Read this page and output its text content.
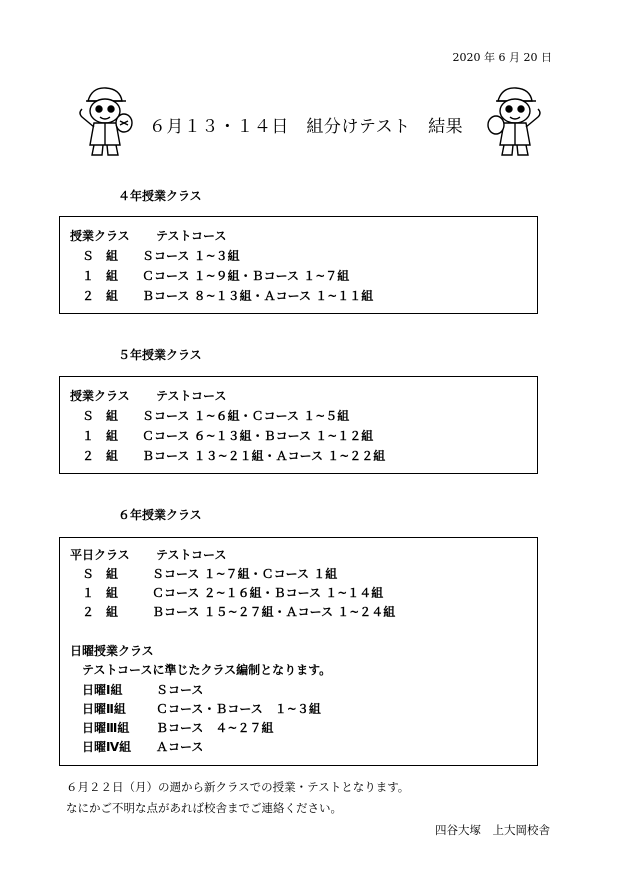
2020 年 6 月 20 日
６月１３・１４日　組分けテスト　結果
４年授業クラス
授業クラス テストコース
Ｓ　組 Ｓコース １~３組
１　組 Ｃコース １~９組・Ｂコース １~７組
２　組 Ｂコース ８~１３組・Ａコース １~１１組
５年授業クラス
授業クラス テストコース
Ｓ　組 Ｓコース １~６組・Ｃコース １~５組
１　組 Ｃコース ６~１３組・Ｂコース １~１２組
２　組 Ｂコース １３~２１組・Ａコース １~２２組
６年授業クラス
平日クラス テストコース
Ｓ　組	Ｓコース １~７組・Ｃコース １組
１　組	Ｃコース ２~１６組・Ｂコース １~１４組
２　組	Ｂコース １５~２７組・Ａコース １~２４組
日曜授業クラス
テストコースに準じたクラス編制となります。
日曜Ⅰ組	Ｓコース
日曜Ⅱ組	Ｃコース・Ｂコース　１~３組
日曜Ⅲ組 Ｂコース　４~２７組
日曜Ⅳ組 Ａコース
６月２２日（月）の週から新クラスでの授業・テストとなります。
なにかご不明な点があれば校舎までご連絡ください。
四谷大塚　上大岡校舎
